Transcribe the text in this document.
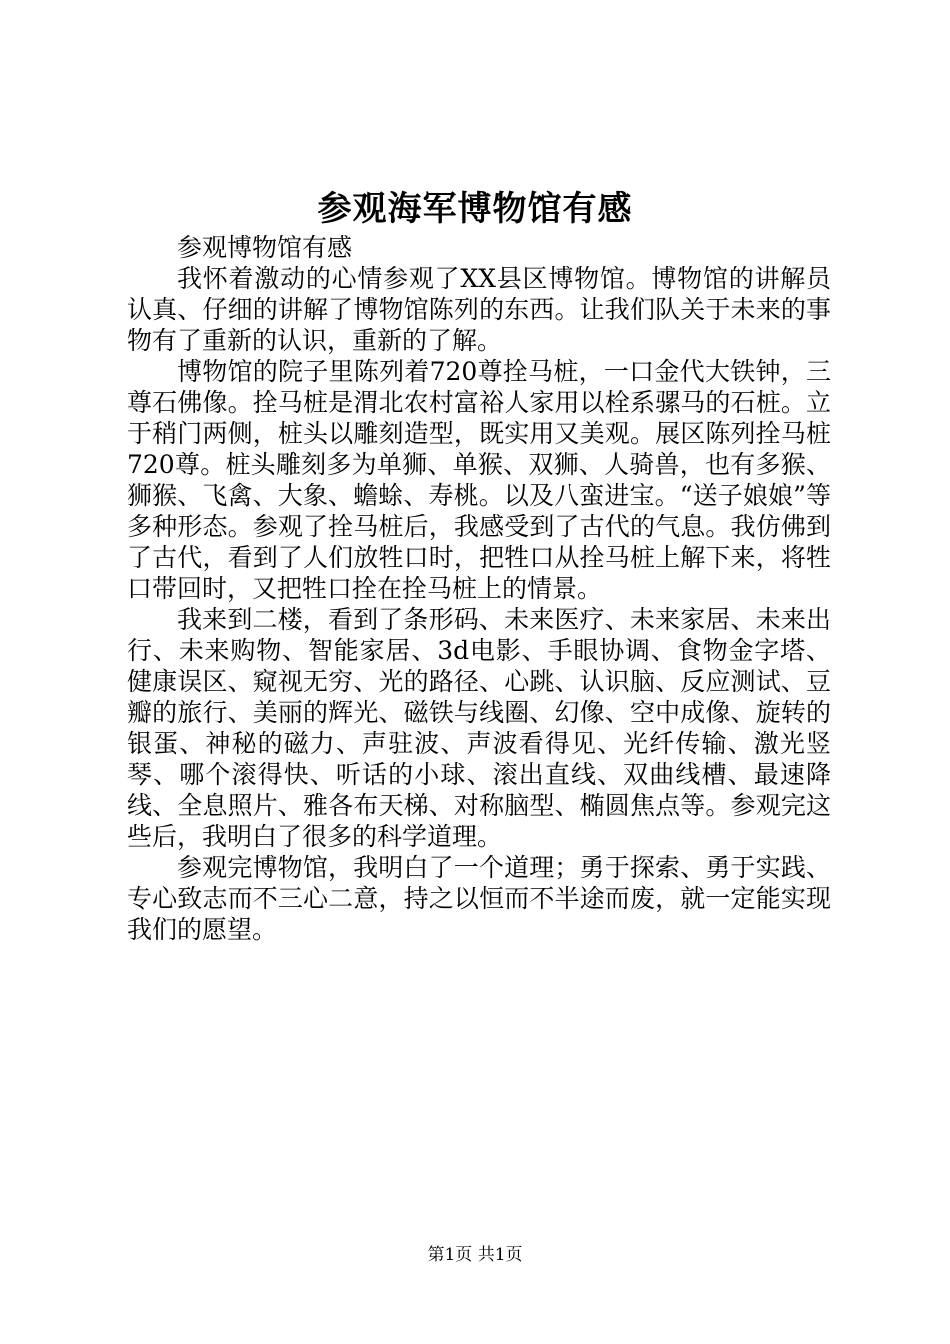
参观海军博物馆有感

参观博物馆有感

我怀着激动的心情参观了XX县区博物馆。博物馆的讲解员认真、仔细的讲解了博物馆陈列的东西。让我们队关于未来的事物有了重新的认识，重新的了解。

博物馆的院子里陈列着720尊拴马桩，一口金代大铁钟，三尊石佛像。拴马桩是渭北农村富裕人家用以栓系骡马的石桩。立于稍门两侧，桩头以雕刻造型，既实用又美观。展区陈列拴马桩720尊。桩头雕刻多为单狮、单猴、双狮、人骑兽，也有多猴、狮猴、飞禽、大象、蟾蜍、寿桃。以及八蛮进宝。“送子娘娘”等多种形态。参观了拴马桩后，我感受到了古代的气息。我仿佛到了古代，看到了人们放牲口时，把牲口从拴马桩上解下来，将牲口带回时，又把牲口拴在拴马桩上的情景。

我来到二楼，看到了条形码、未来医疗、未来家居、未来出行、未来购物、智能家居、3d电影、手眼协调、食物金字塔、健康误区、窥视无穷、光的路径、心跳、认识脑、反应测试、豆瓣的旅行、美丽的辉光、磁铁与线圈、幻像、空中成像、旋转的银蛋、神秘的磁力、声驻波、声波看得见、光纤传输、激光竖琴、哪个滚得快、听话的小球、滚出直线、双曲线槽、最速降线、全息照片、雅各布天梯、对称脑型、椭圆焦点等。参观完这些后，我明白了很多的科学道理。

参观完博物馆，我明白了一个道理；勇于探索、勇于实践、专心致志而不三心二意，持之以恒而不半途而废，就一定能实现我们的愿望。

第1页 共1页
